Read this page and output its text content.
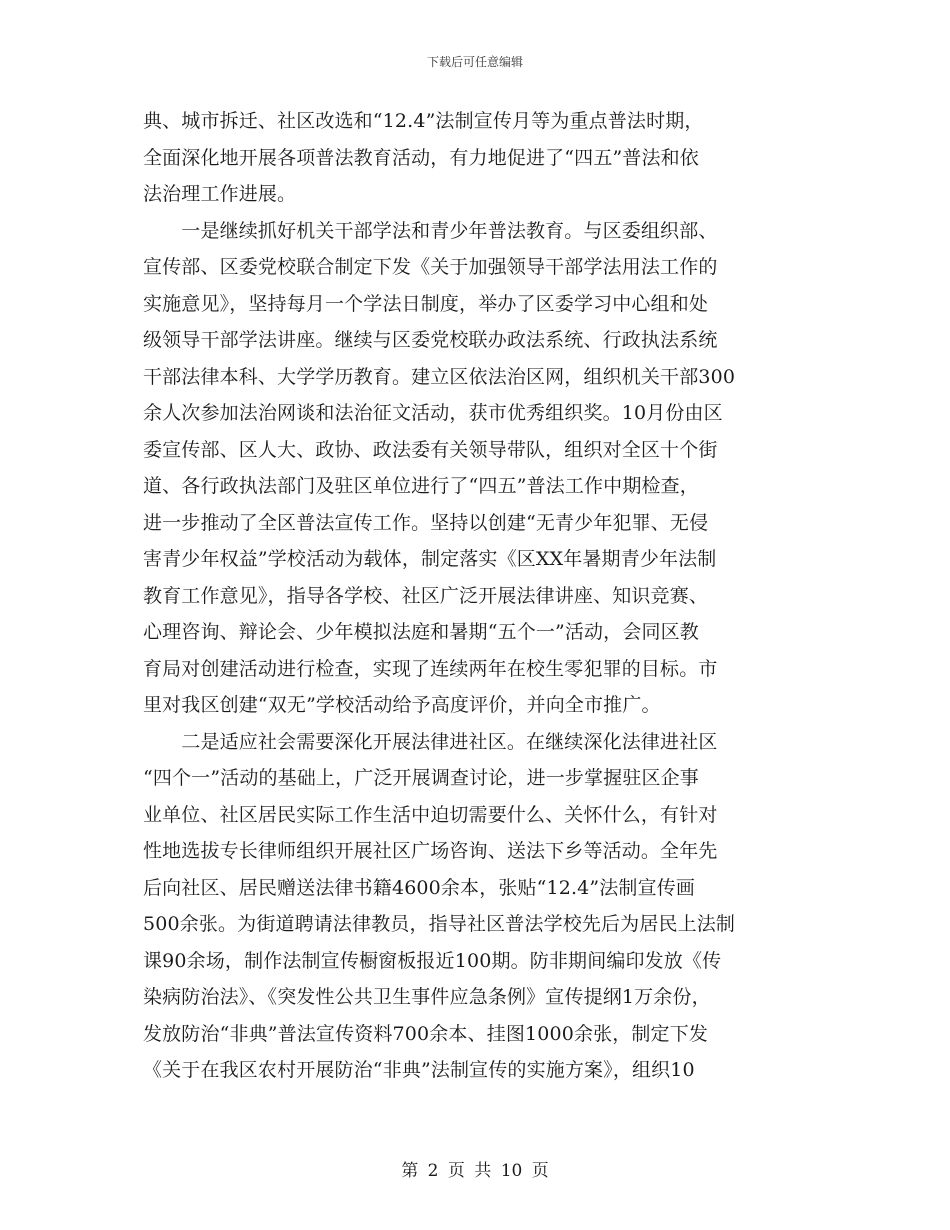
下载后可任意编辑
典、城市拆迁、社区改选和“12.4”法制宣传月等为重点普法时期，
全面深化地开展各项普法教育活动，有力地促进了“四五”普法和依
法治理工作进展。
　　一是继续抓好机关干部学法和青少年普法教育。与区委组织部、
宣传部、区委党校联合制定下发《关于加强领导干部学法用法工作的
实施意见》，坚持每月一个学法日制度，举办了区委学习中心组和处
级领导干部学法讲座。继续与区委党校联办政法系统、行政执法系统
干部法律本科、大学学历教育。建立区依法治区网，组织机关干部300
余人次参加法治网谈和法治征文活动，获市优秀组织奖。10月份由区
委宣传部、区人大、政协、政法委有关领导带队，组织对全区十个街
道、各行政执法部门及驻区单位进行了“四五”普法工作中期检查，
进一步推动了全区普法宣传工作。坚持以创建“无青少年犯罪、无侵
害青少年权益”学校活动为载体，制定落实《区XX年暑期青少年法制
教育工作意见》，指导各学校、社区广泛开展法律讲座、知识竞赛、
心理咨询、辩论会、少年模拟法庭和暑期“五个一”活动，会同区教
育局对创建活动进行检查，实现了连续两年在校生零犯罪的目标。市
里对我区创建“双无”学校活动给予高度评价，并向全市推广。
　　二是适应社会需要深化开展法律进社区。在继续深化法律进社区
“四个一”活动的基础上，广泛开展调查讨论，进一步掌握驻区企事
业单位、社区居民实际工作生活中迫切需要什么、关怀什么，有针对
性地选拔专长律师组织开展社区广场咨询、送法下乡等活动。全年先
后向社区、居民赠送法律书籍4600余本，张贴“12.4”法制宣传画
500余张。为街道聘请法律教员，指导社区普法学校先后为居民上法制
课90余场，制作法制宣传橱窗板报近100期。防非期间编印发放《传
染病防治法》、《突发性公共卫生事件应急条例》宣传提纲1万余份，
发放防治“非典”普法宣传资料700余本、挂图1000余张，制定下发
《关于在我区农村开展防治“非典”法制宣传的实施方案》，组织10
第 2 页 共 10 页
